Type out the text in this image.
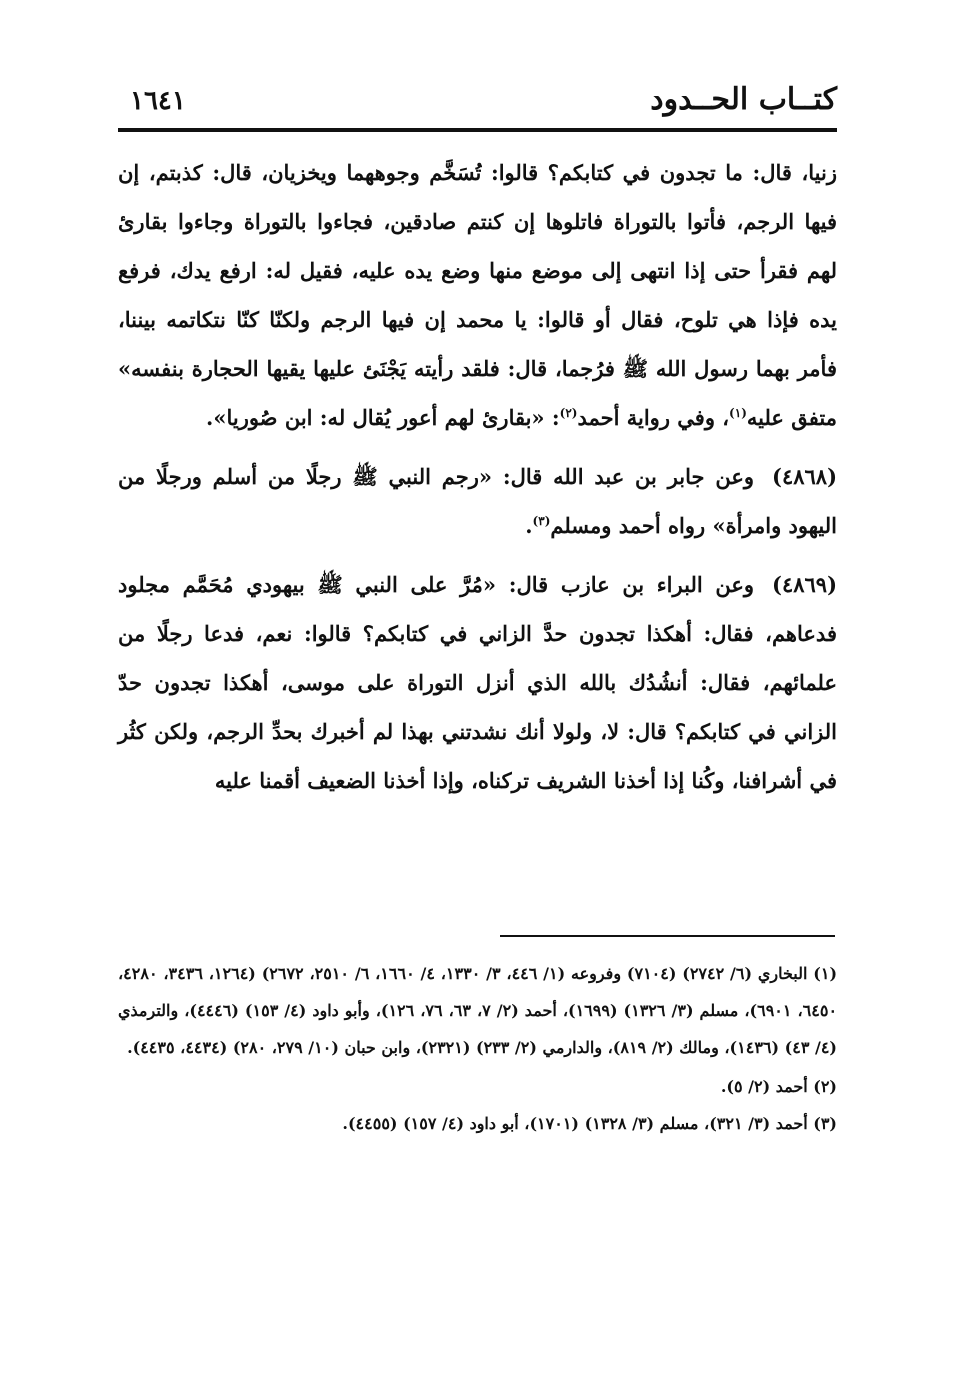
كتــاب الحــدود
١٦٤١

زنيا، قال: ما تجدون في كتابكم؟ قالوا: تُسَخَّم وجوههما ويخزيان، قال: كذبتم، إن فيها الرجم، فأتوا بالتوراة فاتلوها إن كنتم صادقين، فجاءوا بالتوراة وجاءوا بقارئ لهم فقرأ حتى إذا انتهى إلى موضع منها وضع يده عليه، فقيل له: ارفع يدك، فرفع يده فإذا هي تلوح، فقال أو قالوا: يا محمد إن فيها الرجم ولكنّا كنّا نتكاتمه بيننا، فأمر بهما رسول الله ﷺ فرُجما، قال: فلقد رأيته يَجْنَئ عليها يقيها الحجارة بنفسه» متفق عليه$^{(١)}$، وفي رواية أحمد$^{(٢)}$: «بقارئ لهم أعور يُقال له: ابن صُوريا».

(٤٨٦٨)وعن جابر بن عبد الله قال: «رجم النبي ﷺ رجلًا من أسلم ورجلًا من اليهود وامرأة» رواه أحمد ومسلم$^{(٣)}$.

(٤٨٦٩)وعن البراء بن عازب قال: «مُرَّ على النبي ﷺ بيهودي مُحَمَّم مجلود فدعاهم، فقال: أهكذا تجدون حدَّ الزاني في كتابكم؟ قالوا: نعم، فدعا رجلًا من علمائهم، فقال: أنشُدُك بالله الذي أنزل التوراة على موسى، أهكذا تجدون حدّ الزاني في كتابكم؟ قال: لا، ولولا أنك نشدتني بهذا لم أخبرك بحدِّ الرجم، ولكن كثُر في أشرافنا، وكُنا إذا أخذنا الشريف تركناه، وإذا أخذنا الضعيف أقمنا عليه

(١) البخاري (٦/ ٢٧٤٢) (٧١٠٤) وفروعه (١/ ٤٤٦، ٣/ ١٣٣٠، ٤/ ١٦٦٠، ٦/ ٢٥١٠، ٢٦٧٢) (١٢٦٤، ٣٤٣٦، ٤٢٨٠، ٦٤٥٠، ٦٩٠١)، مسلم (٣/ ١٣٢٦) (١٦٩٩)، أحمد (٢/ ٧، ٦٣، ٧٦، ١٢٦)، وأبو داود (٤/ ١٥٣) (٤٤٤٦)، والترمذي (٤/ ٤٣) (١٤٣٦)، ومالك (٢/ ٨١٩)، والدارمي (٢/ ٢٣٣) (٢٣٢١)، وابن حبان (١٠/ ٢٧٩، ٢٨٠) (٤٤٣٤، ٤٤٣٥).

(٢) أحمد (٢/ ٥).

(٣) أحمد (٣/ ٣٢١)، مسلم (٣/ ١٣٢٨) (١٧٠١)، أبو داود (٤/ ١٥٧) (٤٤٥٥).
